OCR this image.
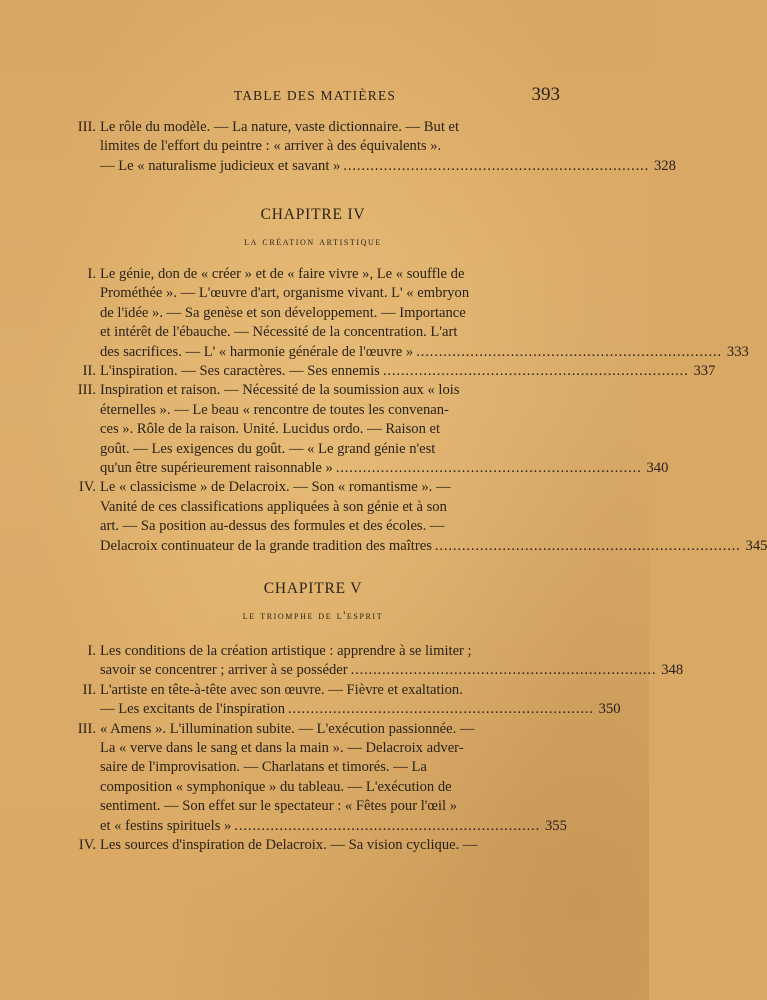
TABLE DES MATIÈRES	393
III. Le rôle du modèle. — La nature, vaste dictionnaire. — But et
limites de l'effort du peintre : « arriver à des équivalents ».
— Le « naturalisme judicieux et savant » . . .	328
CHAPITRE IV
la création artistique
I. Le génie, don de « créer » et de « faire vivre », Le « souffle de
Prométhée ». — L'œuvre d'art, organisme vivant. L' « embryon
de l'idée ». — Sa genèse et son développement. — Importance
et intérêt de l'ébauche. — Nécessité de la concentration. L'art
des sacrifices. — L' « harmonie générale de l'œuvre » . . .	333
II. L'inspiration. — Ses caractères. — Ses ennemis . . .	337
III. Inspiration et raison. — Nécessité de la soumission aux « lois
éternelles ». — Le beau « rencontre de toutes les convenan-
ces ». Rôle de la raison. Unité. Lucidus ordo. — Raison et
goût. — Les exigences du goût. — « Le grand génie n'est
qu'un être supérieurement raisonnable » . . .	340
IV. Le « classicisme » de Delacroix. — Son « romantisme ». —
Vanité de ces classifications appliquées à son génie et à son
art. — Sa position au-dessus des formules et des écoles. —
Delacroix continuateur de la grande tradition des maîtres . . .	345
CHAPITRE V
le triomphe de l'esprit
I. Les conditions de la création artistique : apprendre à se limiter ;
savoir se concentrer ; arriver à se posséder . . .	348
II. L'artiste en tête-à-tête avec son œuvre. — Fièvre et exaltation.
— Les excitants de l'inspiration . . .	350
III. « Amens ». L'illumination subite. — L'exécution passionnée. —
La « verve dans le sang et dans la main ». — Delacroix adver-
saire de l'improvisation. — Charlatans et timorés. — La
composition « symphonique » du tableau. — L'exécution de
sentiment. — Son effet sur le spectateur : « Fêtes pour l'œil »
et « festins spirituels » . . .	355
IV. Les sources d'inspiration de Delacroix. — Sa vision cyclique. —
